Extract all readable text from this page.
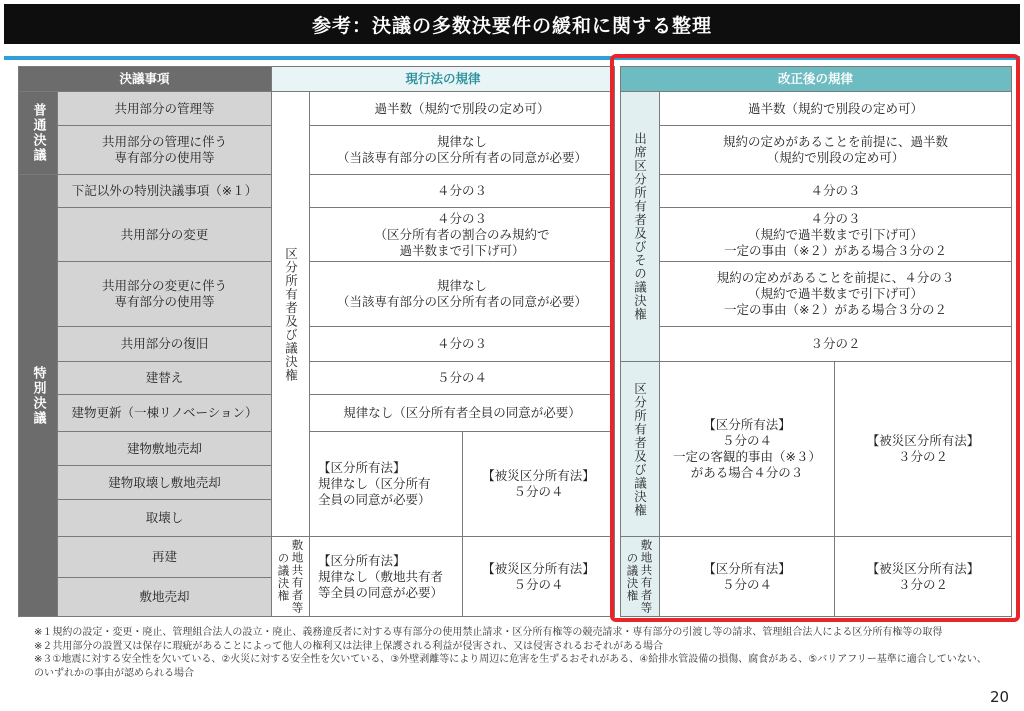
参考：決議の多数決要件の緩和に関する整理
決議事項	現行法の規律	改正後の規律
普通決議
特別決議
共用部分の管理等
共用部分の管理に伴う
専有部分の使用等
下記以外の特別決議事項（※１）
共用部分の変更
共用部分の変更に伴う
専有部分の使用等
共用部分の復旧
建替え
建物更新（一棟リノベーション）
建物敷地売却
建物取壊し敷地売却
取壊し
再建
敷地売却
区分所有者及び議決権
敷地共有者等の議決権
過半数（規約で別段の定め可）
規律なし
（当該専有部分の区分所有者の同意が必要）
４分の３
４分の３
（区分所有者の割合のみ規約で
過半数まで引下げ可）
規律なし
（当該専有部分の区分所有者の同意が必要）
４分の３
５分の４
規律なし（区分所有者全員の同意が必要）
【区分所有法】
規律なし（区分所有
全員の同意が必要）
【被災区分所有法】
５分の４
【区分所有法】
規律なし（敷地共有者
等全員の同意が必要）
【被災区分所有法】
５分の４
出席区分所有者及びその議決権
区分所有者及び議決権
敷地共有者等の議決権
過半数（規約で別段の定め可）
規約の定めがあることを前提に、過半数
（規約で別段の定め可）
４分の３
４分の３
（規約で過半数まで引下げ可）
一定の事由（※２）がある場合３分の２
規約の定めがあることを前提に、４分の３
（規約で過半数まで引下げ可）
一定の事由（※２）がある場合３分の２
３分の２
【区分所有法】
５分の４
一定の客観的事由（※３）
がある場合４分の３
【被災区分所有法】
３分の２
【区分所有法】
５分の４
【被災区分所有法】
３分の２
※１規約の設定・変更・廃止、管理組合法人の設立・廃止、義務違反者に対する専有部分の使用禁止請求・区分所有権等の競売請求・専有部分の引渡し等の請求、管理組合法人による区分所有権等の取得
※２共用部分の設置又は保存に瑕疵があることによって他人の権利又は法律上保護される利益が侵害され、又は侵害されるおそれがある場合
※３①地震に対する安全性を欠いている、②火災に対する安全性を欠いている、③外壁剥離等により周辺に危害を生ずるおそれがある、④給排水管設備の損傷、腐食がある、⑤バリアフリー基準に適合していない、のいずれかの事由が認められる場合
20
